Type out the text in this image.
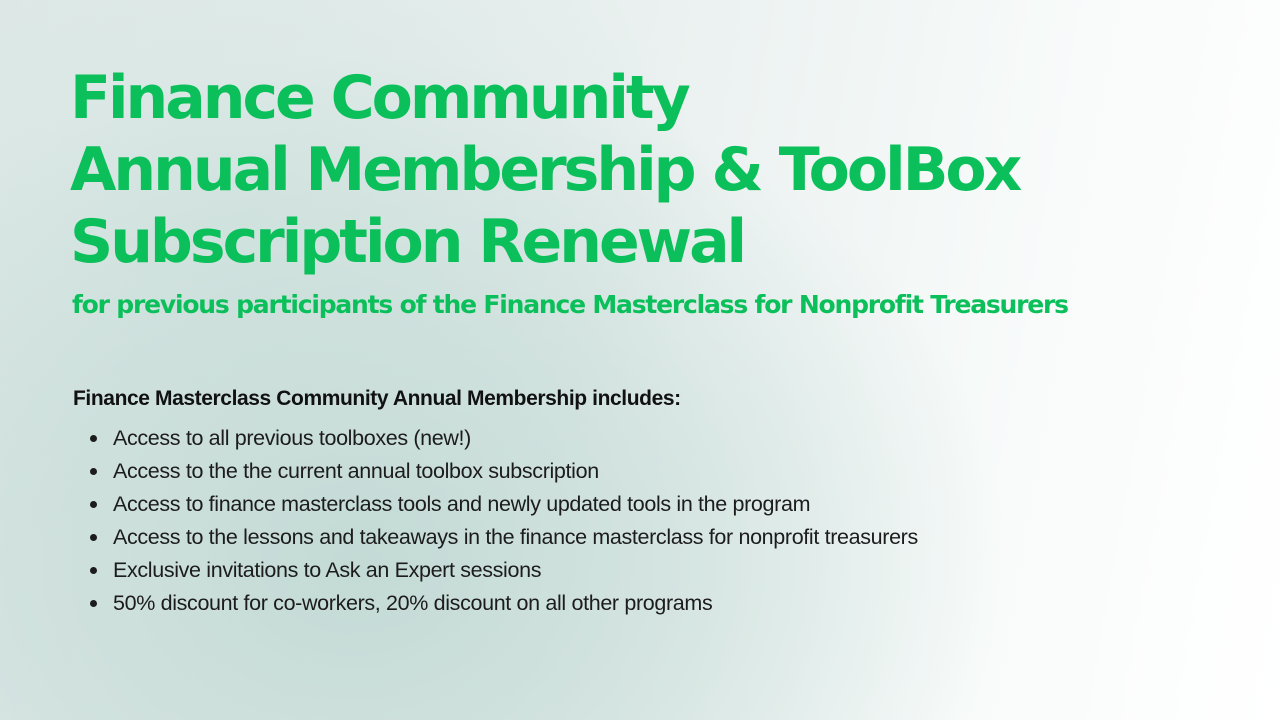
Finance Community
Annual Membership & ToolBox
Subscription Renewal

for previous participants of the Finance Masterclass for Nonprofit Treasurers

Finance Masterclass Community Annual Membership includes:

Access to all previous toolboxes (new!)
Access to the the current annual toolbox subscription
Access to finance masterclass tools and newly updated tools in the program
Access to the lessons and takeaways in the finance masterclass for nonprofit treasurers
Exclusive invitations to Ask an Expert sessions
50% discount for co-workers, 20% discount on all other programs
